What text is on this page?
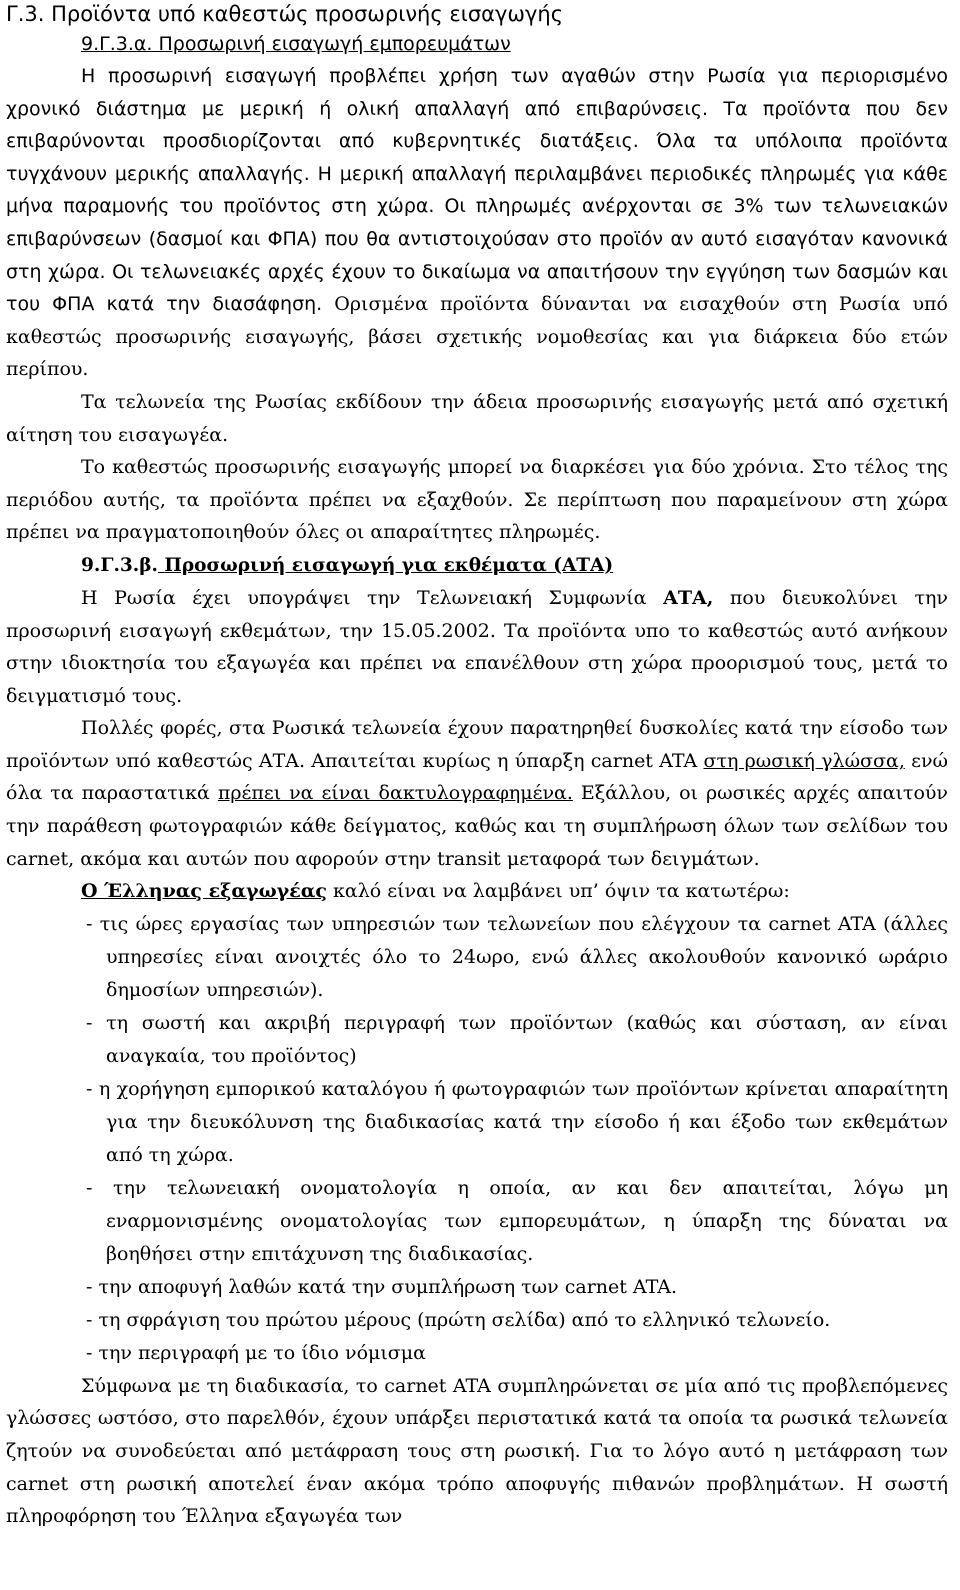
Γ.3. Προϊόντα υπό καθεστώς προσωρινής εισαγωγής
9.Γ.3.α. Προσωρινή εισαγωγή εμπορευμάτων

Η προσωρινή εισαγωγή προβλέπει χρήση των αγαθών στην Ρωσία για περιορισμένο χρονικό διάστημα με μερική ή ολική απαλλαγή από επιβαρύνσεις. Τα προϊόντα που δεν επιβαρύνονται προσδιορίζονται από κυβερνητικές διατάξεις. Όλα τα υπόλοιπα προϊόντα τυγχάνουν μερικής απαλλαγής. Η μερική απαλλαγή περιλαμβάνει περιοδικές πληρωμές για κάθε μήνα παραμονής του προϊόντος στη χώρα. Οι πληρωμές ανέρχονται σε 3% των τελωνειακών επιβαρύνσεων (δασμοί και ΦΠΑ) που θα αντιστοιχούσαν στο προϊόν αν αυτό εισαγόταν κανονικά στη χώρα. Οι τελωνειακές αρχές έχουν το δικαίωμα να απαιτήσουν την εγγύηση των δασμών και του ΦΠΑ κατά την διασάφηση. Ορισμένα προϊόντα δύνανται να εισαχθούν στη Ρωσία υπό καθεστώς προσωρινής εισαγωγής, βάσει σχετικής νομοθεσίας και για διάρκεια δύο ετών περίπου.

Τα τελωνεία της Ρωσίας εκδίδουν την άδεια προσωρινής εισαγωγής μετά από σχετική αίτηση του εισαγωγέα.

Το καθεστώς προσωρινής εισαγωγής μπορεί να διαρκέσει για δύο χρόνια. Στο τέλος της περιόδου αυτής, τα προϊόντα πρέπει να εξαχθούν. Σε περίπτωση που παραμείνουν στη χώρα πρέπει να πραγματοποιηθούν όλες οι απαραίτητες πληρωμές.

9.Γ.3.β. Προσωρινή εισαγωγή για εκθέματα (ΑΤΑ)

Η Ρωσία έχει υπογράψει την Τελωνειακή Συμφωνία ΑΤΑ, που διευκολύνει την προσωρινή εισαγωγή εκθεμάτων, την 15.05.2002. Τα προϊόντα υπο το καθεστώς αυτό ανήκουν στην ιδιοκτησία του εξαγωγέα και πρέπει να επανέλθουν στη χώρα προορισμού τους, μετά το δειγματισμό τους.

Πολλές φορές, στα Ρωσικά τελωνεία έχουν παρατηρηθεί δυσκολίες κατά την είσοδο των προϊόντων υπό καθεστώς ΑΤΑ. Απαιτείται κυρίως η ύπαρξη carnet ATA στη ρωσική γλώσσα, ενώ όλα τα παραστατικά πρέπει να είναι δακτυλογραφημένα. Εξάλλου, οι ρωσικές αρχές απαιτούν την παράθεση φωτογραφιών κάθε δείγματος, καθώς και τη συμπλήρωση όλων των σελίδων του carnet, ακόμα και αυτών που αφορούν στην transit μεταφορά των δειγμάτων.

Ο Έλληνας εξαγωγέας καλό είναι να λαμβάνει υπ’ όψιν τα κατωτέρω:

- τις ώρες εργασίας των υπηρεσιών των τελωνείων που ελέγχουν τα carnet ATA (άλλες υπηρεσίες είναι ανοιχτές όλο το 24ωρο, ενώ άλλες ακολουθούν κανονικό ωράριο δημοσίων υπηρεσιών).

- τη σωστή και ακριβή περιγραφή των προϊόντων (καθώς και σύσταση, αν είναι αναγκαία, του προϊόντος)

- η χορήγηση εμπορικού καταλόγου ή φωτογραφιών των προϊόντων κρίνεται απαραίτητη για την διευκόλυνση της διαδικασίας κατά την είσοδο ή και έξοδο των εκθεμάτων από τη χώρα.

- την τελωνειακή ονοματολογία η οποία, αν και δεν απαιτείται, λόγω μη εναρμονισμένης ονοματολογίας των εμπορευμάτων, η ύπαρξη της δύναται να βοηθήσει στην επιτάχυνση της διαδικασίας.

- την αποφυγή λαθών κατά την συμπλήρωση των carnet ATA.

- τη σφράγιση του πρώτου μέρους (πρώτη σελίδα) από το ελληνικό τελωνείο.

- την περιγραφή με το ίδιο νόμισμα

Σύμφωνα με τη διαδικασία, το carnet ATA συμπληρώνεται σε μία από τις προβλεπόμενες γλώσσες ωστόσο, στο παρελθόν, έχουν υπάρξει περιστατικά κατά τα οποία τα ρωσικά τελωνεία ζητούν να συνοδεύεται από μετάφραση τους στη ρωσική. Για το λόγο αυτό η μετάφραση των carnet στη ρωσική αποτελεί έναν ακόμα τρόπο αποφυγής πιθανών προβλημάτων. Η σωστή πληροφόρηση του Έλληνα εξαγωγέα των
